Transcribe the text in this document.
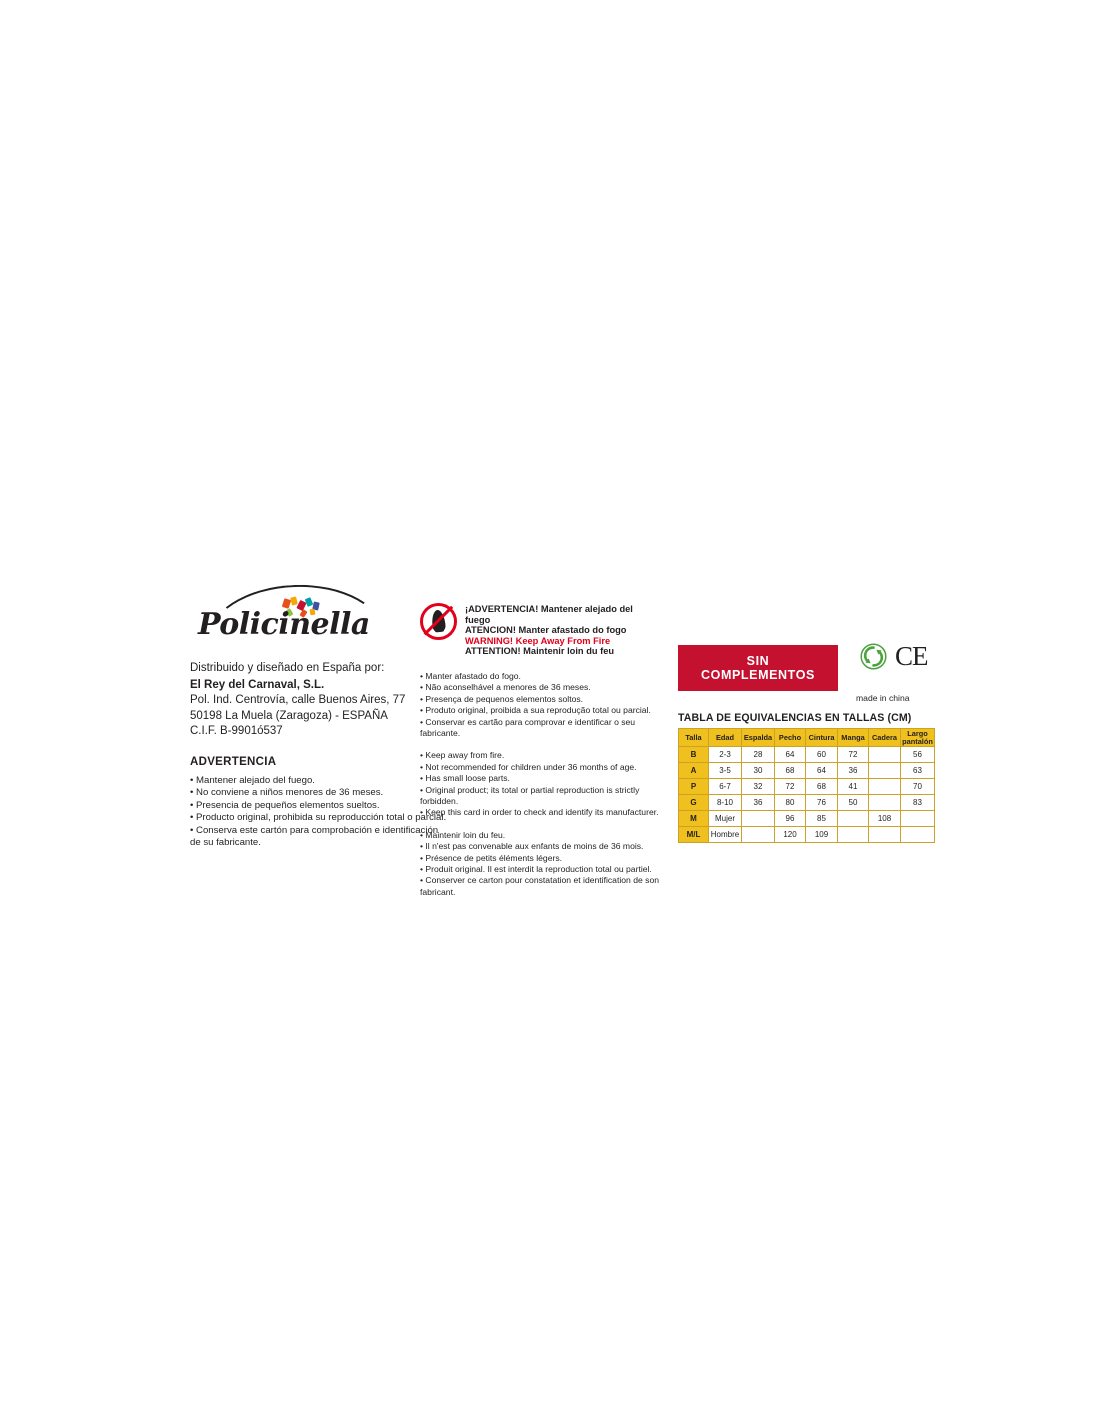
Policinella
Distribuido y diseñado en España por:
El Rey del Carnaval, S.L.
Pol. Ind. Centrovía, calle Buenos Aires, 77
50198 La Muela (Zaragoza) - ESPAÑA
C.I.F. B-9901ó537
ADVERTENCIA
• Mantener alejado del fuego.
• No conviene a niños menores de 36 meses.
• Presencia de pequeños elementos sueltos.
• Producto original, prohibida su reproducción total o parcial.
• Conserva este cartón para comprobación e identificación
de su fabricante.
¡ADVERTENCIA! Mantener alejado del fuego
ATENCION! Manter afastado do fogo
WARNING! Keep Away From Fire
ATTENTION! Maintenir loin du feu
• Manter afastado do fogo.
• Não aconselhável a menores de 36 meses.
• Presença de pequenos elementos soltos.
• Produto original, proibida a sua reprodução total ou parcial.
• Conservar es cartão para comprovar e identificar o seu fabricante.
• Keep away from fire.
• Not recommended for children under 36 months of age.
• Has small loose parts.
• Original product; its total or partial reproduction is strictly forbidden.
• Keep this card in order to check and identify its manufacturer.
• Maintenir loin du feu.
• Il n'est pas convenable aux enfants de moins de 36 mois.
• Présence de petits éléments légers.
• Produit original. Il est interdit la reproduction total ou partiel.
• Conserver ce carton pour constatation et identification de son
fabricant.
SIN COMPLEMENTOS
CE
made in china
TABLA DE EQUIVALENCIAS EN TALLAS (CM)
Talla	Edad	Espalda	Pecho	Cintura	Manga	Cadera	Largo pantalón
B	2-3	28	64	60	72		56
A	3-5	30	68	64	36		63
P	6-7	32	72	68	41		70
G	8-10	36	80	76	50		83
M	Mujer		96	85		108	
M/L	Hombre		120	109			
